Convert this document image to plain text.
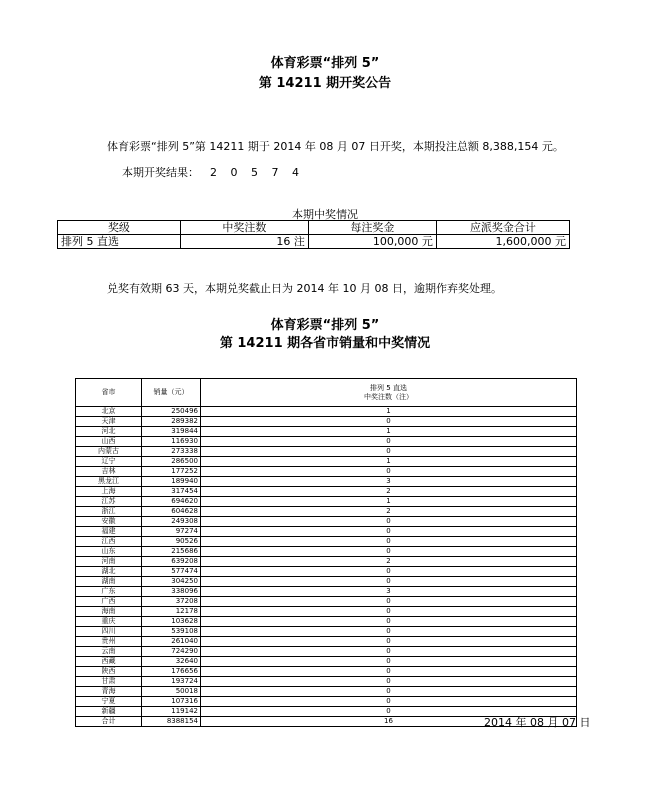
体育彩票“排列 5”
第 14211 期开奖公告
体育彩票“排列 5”第 14211 期于 2014 年 08 月 07 日开奖，本期投注总额 8,388,154 元。
本期开奖结果： 2 0 5 7 4
本期中奖情况
奖级	中奖注数	每注奖金	应派奖金合计
排列 5 直选	16 注	100,000 元	1,600,000 元
兑奖有效期 63 天，本期兑奖截止日为 2014 年 10 月 08 日，逾期作弃奖处理。
体育彩票“排列 5”
第 14211 期各省市销量和中奖情况
省市	销量（元）	排列 5 直选
中奖注数（注）

北京	250496	1
天津	289382	0
河北	319844	1
山西	116930	0
内蒙古	273338	0
辽宁	286500	1
吉林	177252	0
黑龙江	189940	3
上海	317454	2
江苏	694620	1
浙江	604628	2
安徽	249308	0
福建	97274	0
江西	90526	0
山东	215686	0
河南	639208	2
湖北	577474	0
湖南	304250	0
广东	338096	3
广西	37208	0
海南	12178	0
重庆	103628	0
四川	539108	0
贵州	261040	0
云南	724290	0
西藏	32640	0
陕西	176656	0
甘肃	193724	0
青海	50018	0
宁夏	107316	0
新疆	119142	0
合计	8388154	16	2014 年 08 月 07 日
